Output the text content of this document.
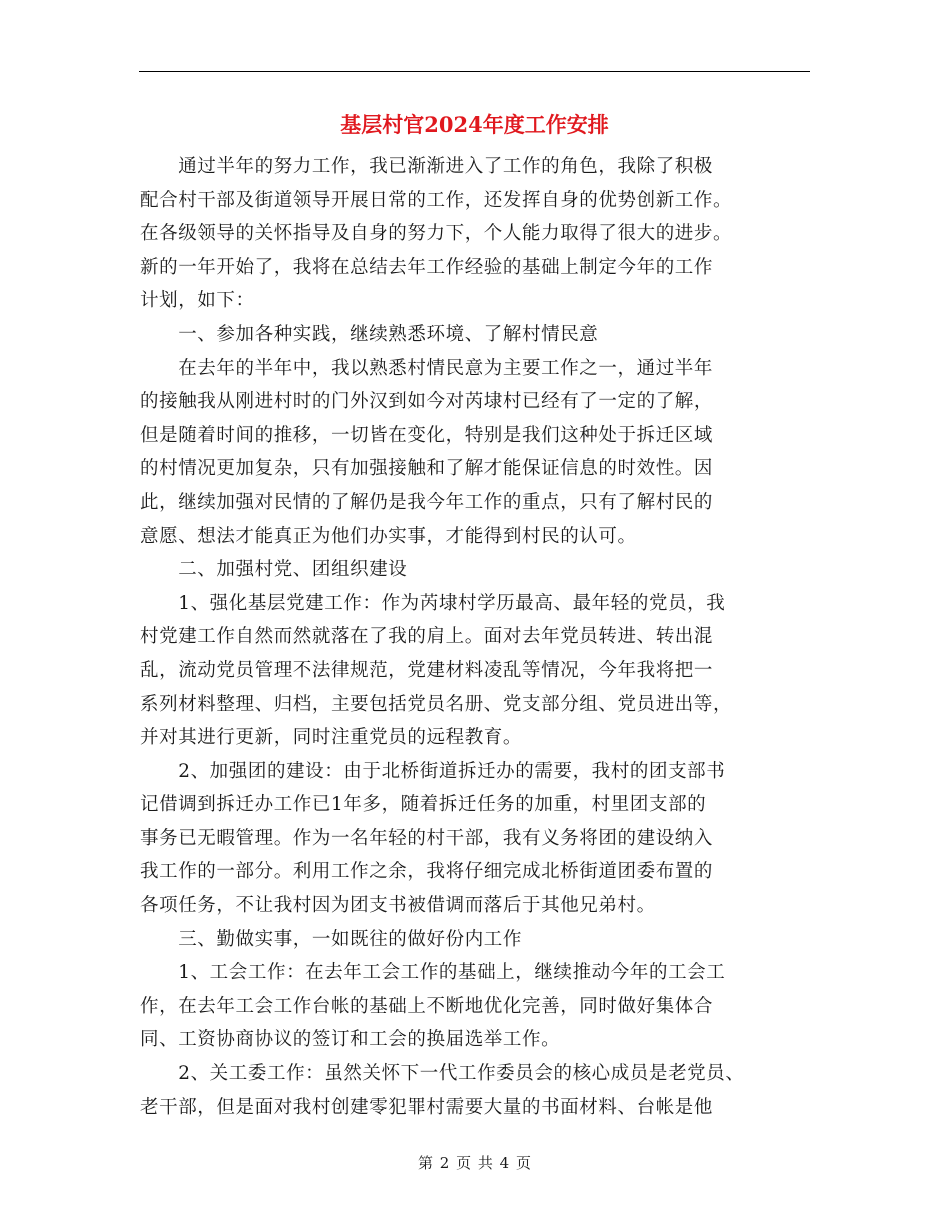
基层村官2024年度工作安排
　　通过半年的努力工作，我已渐渐进入了工作的角色，我除了积极
配合村干部及街道领导开展日常的工作，还发挥自身的优势创新工作。
在各级领导的关怀指导及自身的努力下，个人能力取得了很大的进步。
新的一年开始了，我将在总结去年工作经验的基础上制定今年的工作
计划，如下：
　　一、参加各种实践，继续熟悉环境、了解村情民意
　　在去年的半年中，我以熟悉村情民意为主要工作之一，通过半年
的接触我从刚进村时的门外汉到如今对芮埭村已经有了一定的了解，
但是随着时间的推移，一切皆在变化，特别是我们这种处于拆迁区域
的村情况更加复杂，只有加强接触和了解才能保证信息的时效性。因
此，继续加强对民情的了解仍是我今年工作的重点，只有了解村民的
意愿、想法才能真正为他们办实事，才能得到村民的认可。
　　二、加强村党、团组织建设
　　1、强化基层党建工作：作为芮埭村学历最高、最年轻的党员，我
村党建工作自然而然就落在了我的肩上。面对去年党员转进、转出混
乱，流动党员管理不法律规范，党建材料凌乱等情况，今年我将把一
系列材料整理、归档，主要包括党员名册、党支部分组、党员进出等，
并对其进行更新，同时注重党员的远程教育。
　　2、加强团的建设：由于北桥街道拆迁办的需要，我村的团支部书
记借调到拆迁办工作已1年多，随着拆迁任务的加重，村里团支部的
事务已无暇管理。作为一名年轻的村干部，我有义务将团的建设纳入
我工作的一部分。利用工作之余，我将仔细完成北桥街道团委布置的
各项任务，不让我村因为团支书被借调而落后于其他兄弟村。
　　三、勤做实事，一如既往的做好份内工作
　　1、工会工作：在去年工会工作的基础上，继续推动今年的工会工
作，在去年工会工作台帐的基础上不断地优化完善，同时做好集体合
同、工资协商协议的签订和工会的换届选举工作。
　　2、关工委工作：虽然关怀下一代工作委员会的核心成员是老党员、
老干部，但是面对我村创建零犯罪村需要大量的书面材料、台帐是他
第 2 页 共 4 页
